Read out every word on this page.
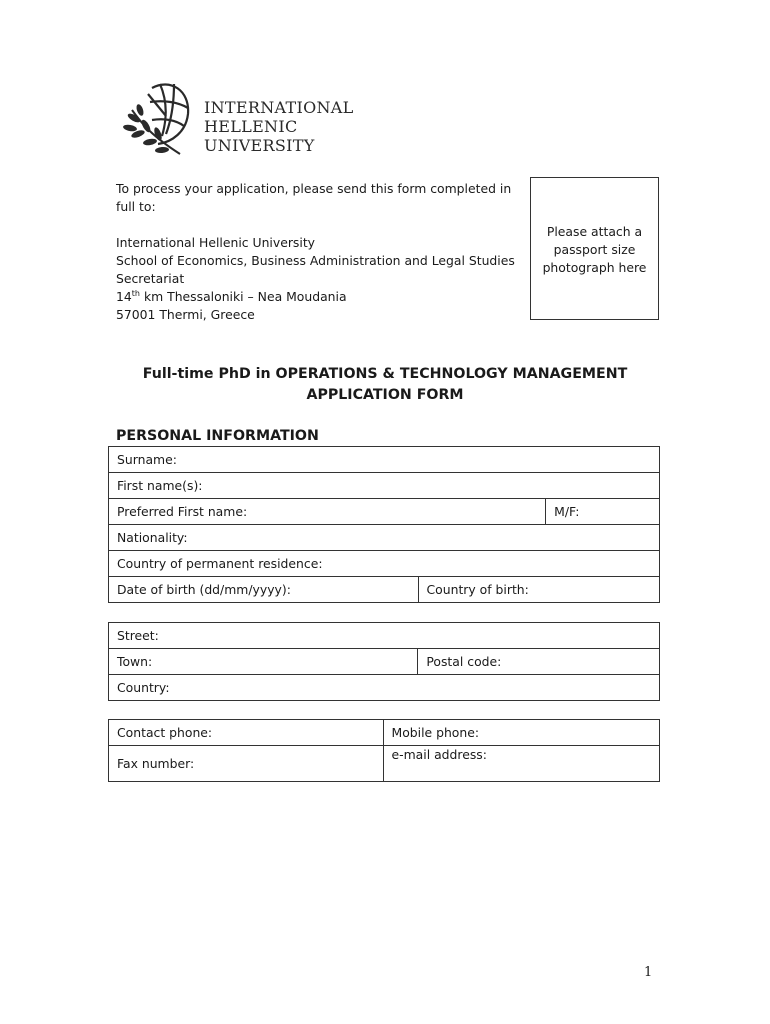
INTERNATIONAL
HELLENIC
UNIVERSITY

To process your application, please send this form completed in full to:

International Hellenic University

School of Economics, Business Administration and Legal Studies

Secretariat

14th km Thessaloniki – Nea Moudania

57001 Thermi, Greece

Please attach a
passport size
photograph here
Full-time PhD in OPERATIONS & TECHNOLOGY MANAGEMENT
APPLICATION FORM
PERSONAL INFORMATION
Surname:		
First name(s):		
Preferred First name:		M/F:
Nationality:		
Country of permanent residence:		
Date of birth (dd/mm/yyyy):	Country of birth:	
Street:
Town:	Postal code:
Country:
Contact phone:	Mobile phone:
Fax number:	e-mail address:
1
